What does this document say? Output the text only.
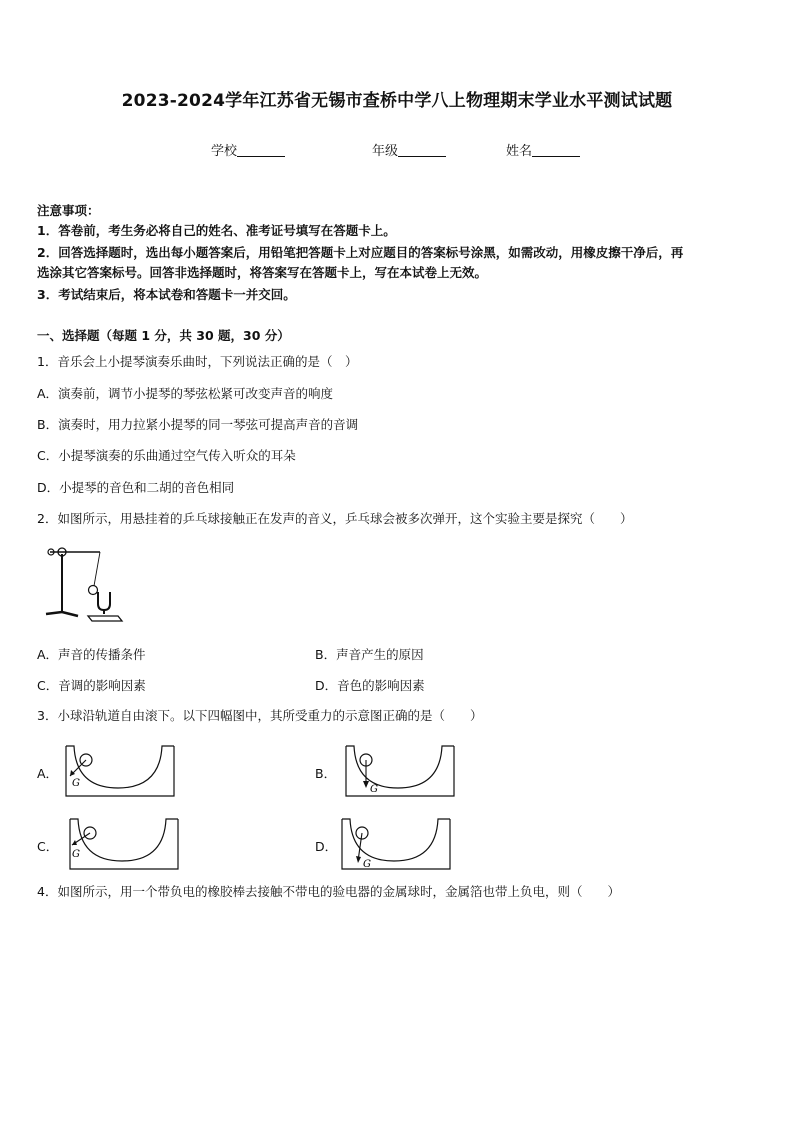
2023-2024学年江苏省无锡市查桥中学八上物理期末学业水平测试试题
学校	年级	姓名
注意事项：
1．答卷前，考生务必将自己的姓名、准考证号填写在答题卡上。
2．回答选择题时，选出每小题答案后，用铅笔把答题卡上对应题目的答案标号涂黑，如需改动，用橡皮擦干净后，再
选涂其它答案标号。回答非选择题时，将答案写在答题卡上，写在本试卷上无效。
3．考试结束后，将本试卷和答题卡一并交回。
一、选择题（每题 1 分，共 30 题，30 分）
1．音乐会上小提琴演奏乐曲时，下列说法正确的是（　）
A．演奏前，调节小提琴的琴弦松紧可改变声音的响度
B．演奏时，用力拉紧小提琴的同一琴弦可提高声音的音调
C．小提琴演奏的乐曲通过空气传入听众的耳朵
D．小提琴的音色和二胡的音色相同
2．如图所示，用悬挂着的乒乓球接触正在发声的音义，乒乓球会被多次弹开，这个实验主要是探究（　　）
A．声音的传播条件	B．声音产生的原因
C．音调的影响因素	D．音色的影响因素
3．小球沿轨道自由滚下。以下四幅图中，其所受重力的示意图正确的是（　　）
A．
G
B．
G
C．
G
D．
G
4．如图所示，用一个带负电的橡胶棒去接触不带电的验电器的金属球时，金属箔也带上负电，则（　　）
